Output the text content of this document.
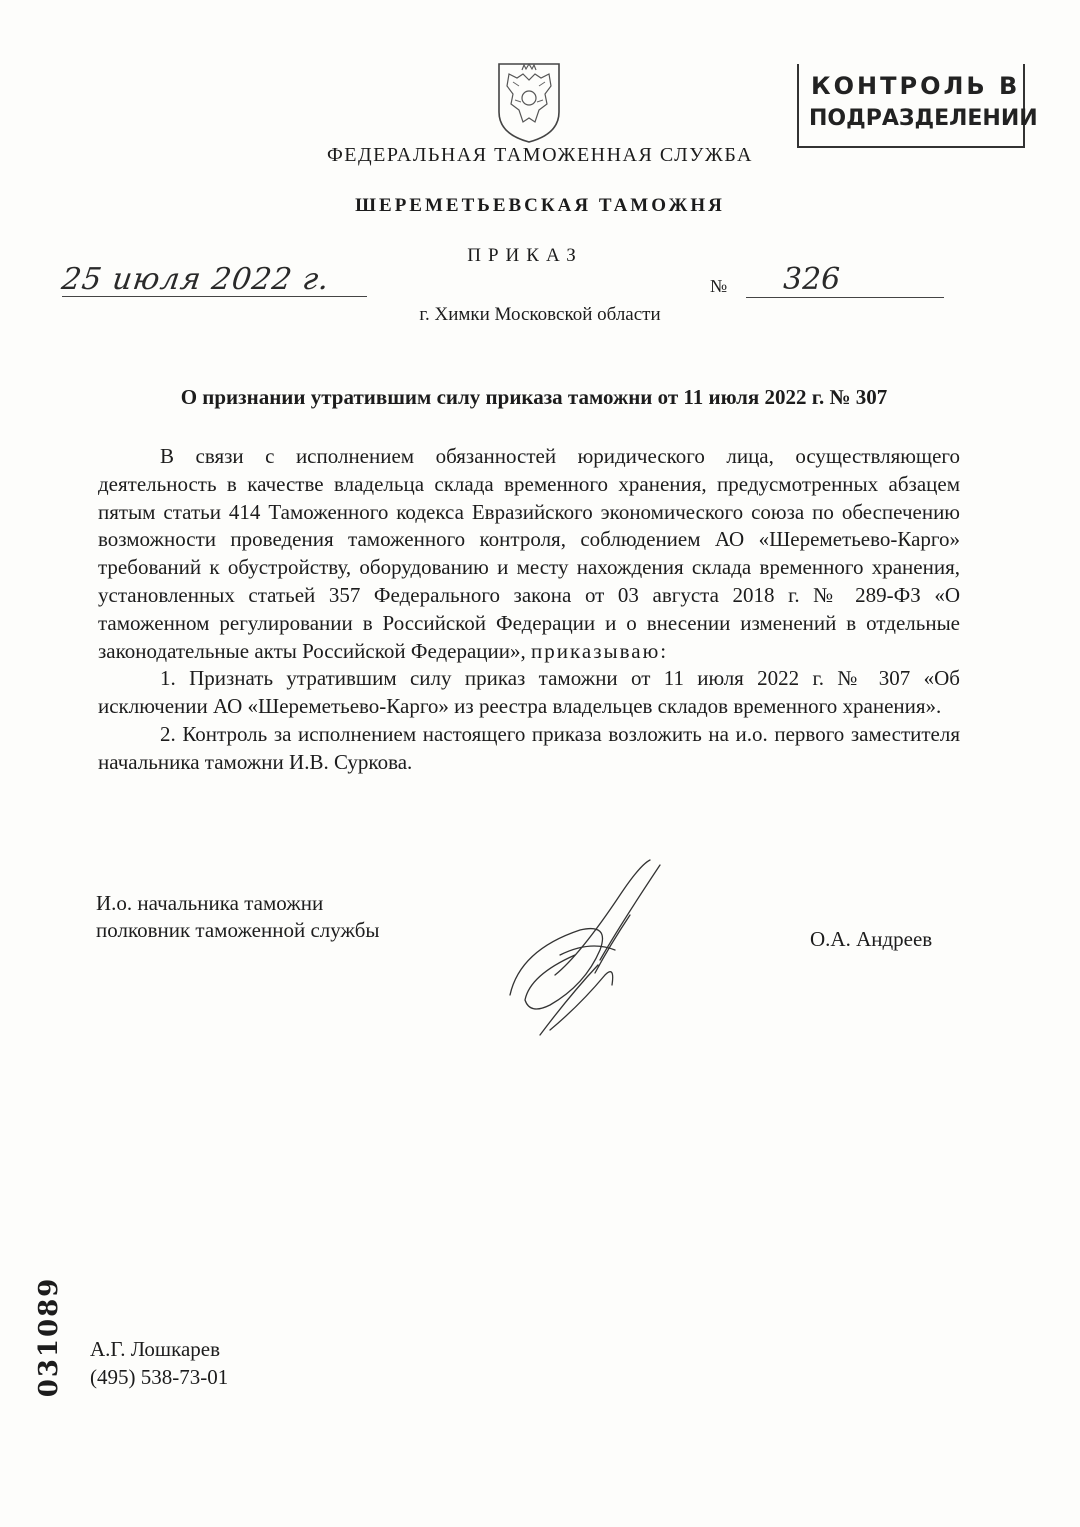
КОНТРОЛЬ В
ПОДРАЗДЕЛЕНИИ
ФЕДЕРАЛЬНАЯ ТАМОЖЕННАЯ СЛУЖБА
ШЕРЕМЕТЬЕВСКАЯ ТАМОЖНЯ
ПРИКАЗ
25 июля 2022 г.	№ 326
г. Химки Московской области
О признании утратившим силу приказа таможни от 11 июля 2022 г. № 307

В связи с исполнением обязанностей юридического лица, осуществляющего деятельность в качестве владельца склада временного хранения, предусмотренных абзацем пятым статьи 414 Таможенного кодекса Евразийского экономического союза по обеспечению возможности проведения таможенного контроля, соблюдением АО «Шереметьево-Карго» требований к обустройству, оборудованию и месту нахождения склада временного хранения, установленных статьей 357 Федерального закона от 03 августа 2018 г. № 289-ФЗ «О таможенном регулировании в Российской Федерации и о внесении изменений в отдельные законодательные акты Российской Федерации», приказываю:

1. Признать утратившим силу приказ таможни от 11 июля 2022 г. № 307 «Об исключении АО «Шереметьево-Карго» из реестра владельцев складов временного хранения».

2. Контроль за исполнением настоящего приказа возложить на и.о. первого заместителя начальника таможни И.В. Суркова.

И.о. начальника таможни
полковник таможенной службы	О.А. Андреев
031089 А.Г. Лошкарев
(495) 538-73-01
